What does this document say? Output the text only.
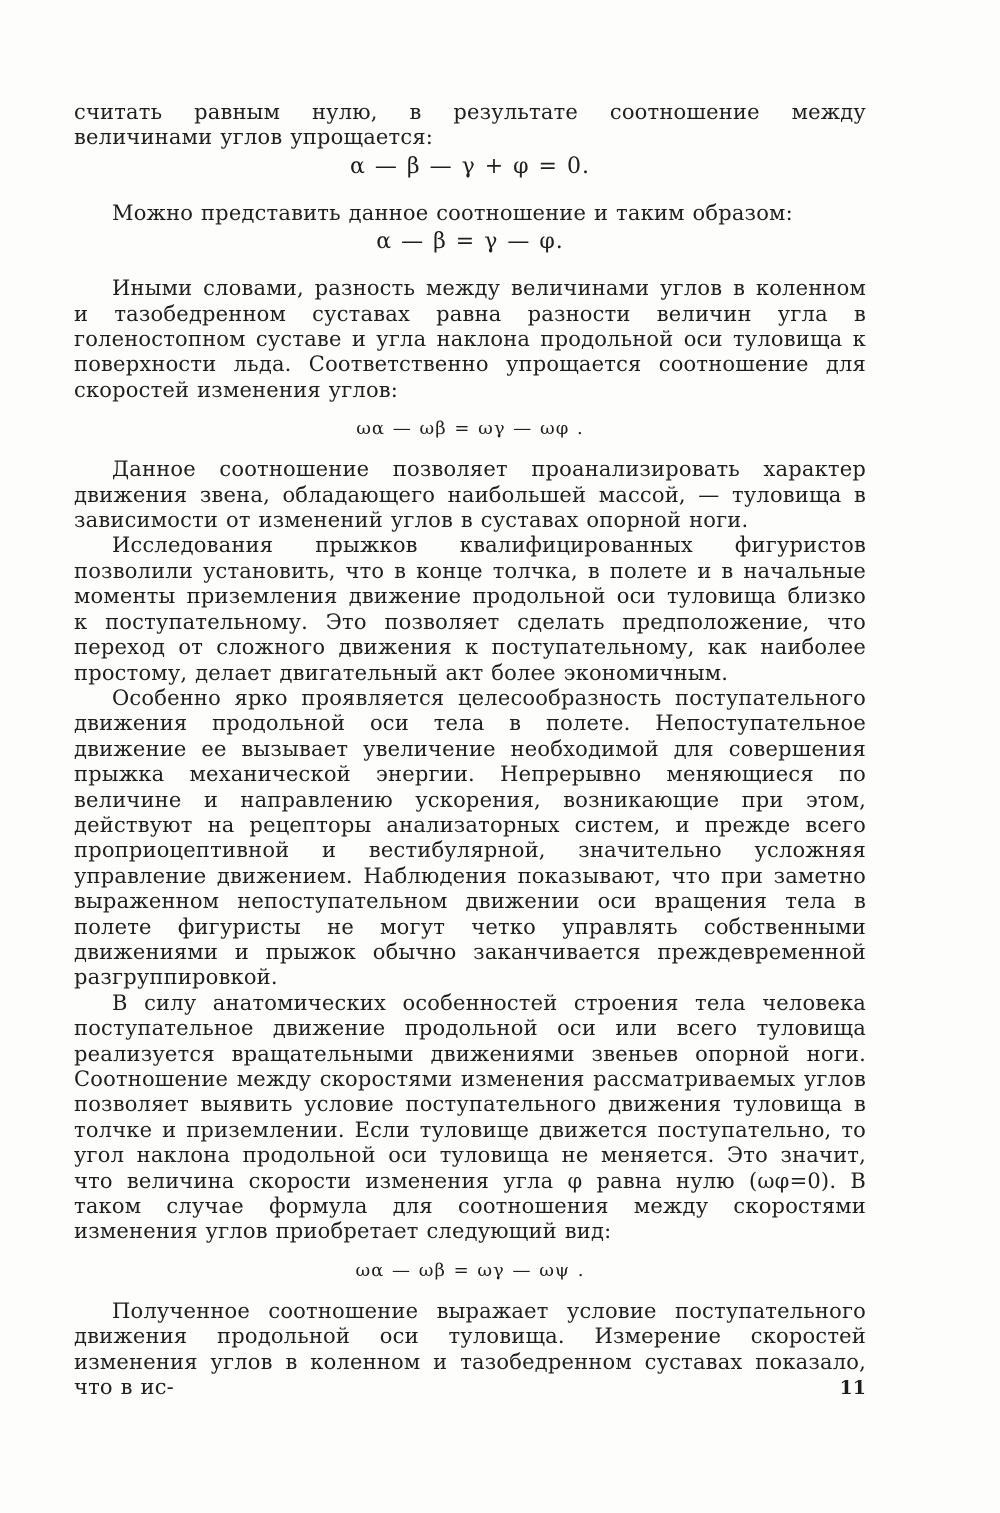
считать равным нулю, в результате соотношение между величинами углов упрощается:

α — β — γ + φ = 0.

Можно представить данное соотношение и таким образом:

α — β = γ — φ.

Иными словами, разность между величинами углов в коленном и тазобедренном суставах равна разности величин угла в голеностопном суставе и угла наклона продольной оси туловища к поверхности льда. Соответственно упрощается соотношение для скоростей изменения углов:

ωα — ωβ = ωγ — ωφ .

Данное соотношение позволяет проанализировать характер движения звена, обладающего наибольшей массой, — туловища в зависимости от изменений углов в суставах опорной ноги.

Исследования прыжков квалифицированных фигуристов позволили установить, что в конце толчка, в полете и в начальные моменты приземления движение продольной оси туловища близко к поступательному. Это позволяет сделать предположение, что переход от сложного движения к поступательному, как наиболее простому, делает двигательный акт более экономичным.

Особенно ярко проявляется целесообразность поступательного движения продольной оси тела в полете. Непоступательное движение ее вызывает увеличение необходимой для совершения прыжка механической энергии. Непрерывно меняющиеся по величине и направлению ускорения, возникающие при этом, действуют на рецепторы анализаторных систем, и прежде всего проприоцептивной и вестибулярной, значительно усложняя управление движением. Наблюдения показывают, что при заметно выраженном непоступательном движении оси вращения тела в полете фигуристы не могут четко управлять собственными движениями и прыжок обычно заканчивается преждевременной разгруппировкой.

В силу анатомических особенностей строения тела человека поступательное движение продольной оси или всего туловища реализуется вращательными движениями звеньев опорной ноги. Соотношение между скоростями изменения рассматриваемых углов позволяет выявить условие поступательного движения туловища в толчке и приземлении. Если туловище движется поступательно, то угол наклона продольной оси туловища не меняется. Это значит, что величина скорости изменения угла φ равна нулю (ωφ=0). В таком случае формула для соотношения между скоростями изменения углов приобретает следующий вид:

ωα — ωβ = ωγ — ωψ .

Полученное соотношение выражает условие поступательного движения продольной оси туловища. Измерение скоростей изменения углов в коленном и тазобедренном суставах показало, что в ис-	11
